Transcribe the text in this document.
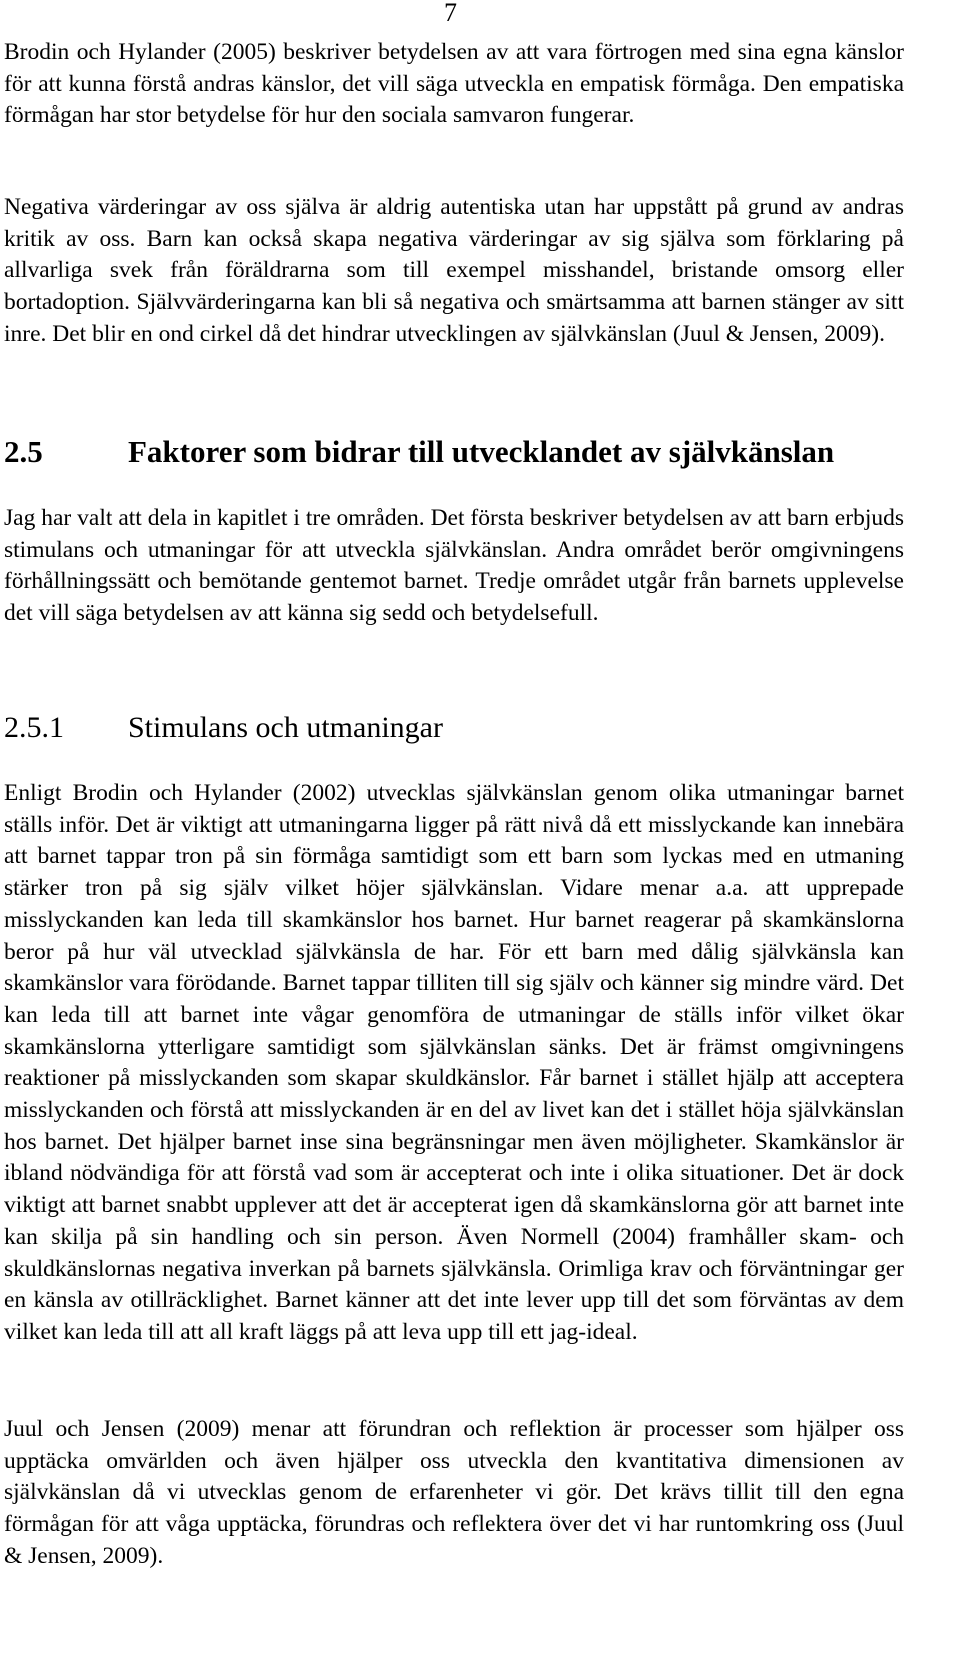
7

Brodin och Hylander (2005) beskriver betydelsen av att vara förtrogen med sina egna känslor för att kunna förstå andras känslor, det vill säga utveckla en empatisk förmåga. Den empatiska förmågan har stor betydelse för hur den sociala samvaron fungerar.

Negativa värderingar av oss själva är aldrig autentiska utan har uppstått på grund av andras kritik av oss. Barn kan också skapa negativa värderingar av sig själva som förklaring på allvarliga svek från föräldrarna som till exempel misshandel, bristande omsorg eller bortadoption. Självvärderingarna kan bli så negativa och smärtsamma att barnen stänger av sitt inre. Det blir en ond cirkel då det hindrar utvecklingen av självkänslan (Juul & Jensen, 2009).

2.5	Faktorer som bidrar till utvecklandet av självkänslan

Jag har valt att dela in kapitlet i tre områden. Det första beskriver betydelsen av att barn erbjuds stimulans och utmaningar för att utveckla självkänslan. Andra området berör omgivningens förhållningssätt och bemötande gentemot barnet. Tredje området utgår från barnets upplevelse det vill säga betydelsen av att känna sig sedd och betydelsefull.

2.5.1 Stimulans och utmaningar

Enligt Brodin och Hylander (2002) utvecklas självkänslan genom olika utmaningar barnet ställs inför. Det är viktigt att utmaningarna ligger på rätt nivå då ett misslyckande kan innebära att barnet tappar tron på sin förmåga samtidigt som ett barn som lyckas med en utmaning stärker tron på sig själv vilket höjer självkänslan. Vidare menar a.a. att upprepade misslyckanden kan leda till skamkänslor hos barnet. Hur barnet reagerar på skamkänslorna beror på hur väl utvecklad självkänsla de har. För ett barn med dålig självkänsla kan skamkänslor vara förödande. Barnet tappar tilliten till sig själv och känner sig mindre värd. Det kan leda till att barnet inte vågar genomföra de utmaningar de ställs inför vilket ökar skamkänslorna ytterligare samtidigt som självkänslan sänks. Det är främst omgivningens reaktioner på misslyckanden som skapar skuldkänslor. Får barnet i stället hjälp att acceptera misslyckanden och förstå att misslyckanden är en del av livet kan det i stället höja självkänslan hos barnet. Det hjälper barnet inse sina begränsningar men även möjligheter. Skamkänslor är ibland nödvändiga för att förstå vad som är accepterat och inte i olika situationer. Det är dock viktigt att barnet snabbt upplever att det är accepterat igen då skamkänslorna gör att barnet inte kan skilja på sin handling och sin person. Även Normell (2004) framhåller skam- och skuldkänslornas negativa inverkan på barnets självkänsla. Orimliga krav och förväntningar ger en känsla av otillräcklighet. Barnet känner att det inte lever upp till det som förväntas av dem vilket kan leda till att all kraft läggs på att leva upp till ett jag-ideal.

Juul och Jensen (2009) menar att förundran och reflektion är processer som hjälper oss upptäcka omvärlden och även hjälper oss utveckla den kvantitativa dimensionen av självkänslan då vi utvecklas genom de erfarenheter vi gör. Det krävs tillit till den egna förmågan för att våga upptäcka, förundras och reflektera över det vi har runtomkring oss (Juul & Jensen, 2009).
